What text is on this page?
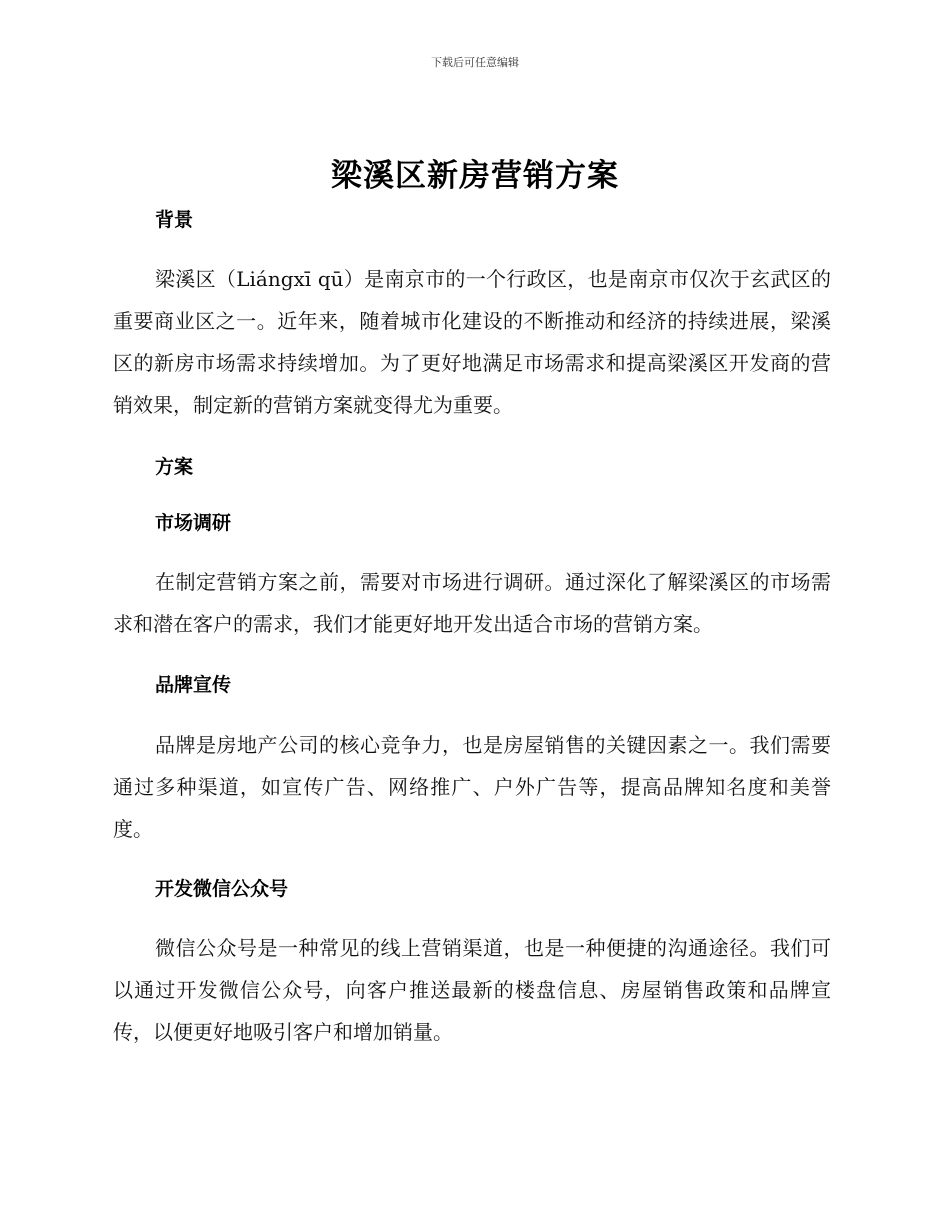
下载后可任意编辑
梁溪区新房营销方案

背景

梁溪区（Liángxī qū）是南京市的一个行政区，也是南京市仅次于玄武区的重要商业区之一。近年来，随着城市化建设的不断推动和经济的持续进展，梁溪区的新房市场需求持续增加。为了更好地满足市场需求和提高梁溪区开发商的营销效果，制定新的营销方案就变得尤为重要。

方案

市场调研

在制定营销方案之前，需要对市场进行调研。通过深化了解梁溪区的市场需求和潜在客户的需求，我们才能更好地开发出适合市场的营销方案。

品牌宣传

品牌是房地产公司的核心竞争力，也是房屋销售的关键因素之一。我们需要通过多种渠道，如宣传广告、网络推广、户外广告等，提高品牌知名度和美誉度。

开发微信公众号

微信公众号是一种常见的线上营销渠道，也是一种便捷的沟通途径。我们可以通过开发微信公众号，向客户推送最新的楼盘信息、房屋销售政策和品牌宣传，以便更好地吸引客户和增加销量。
